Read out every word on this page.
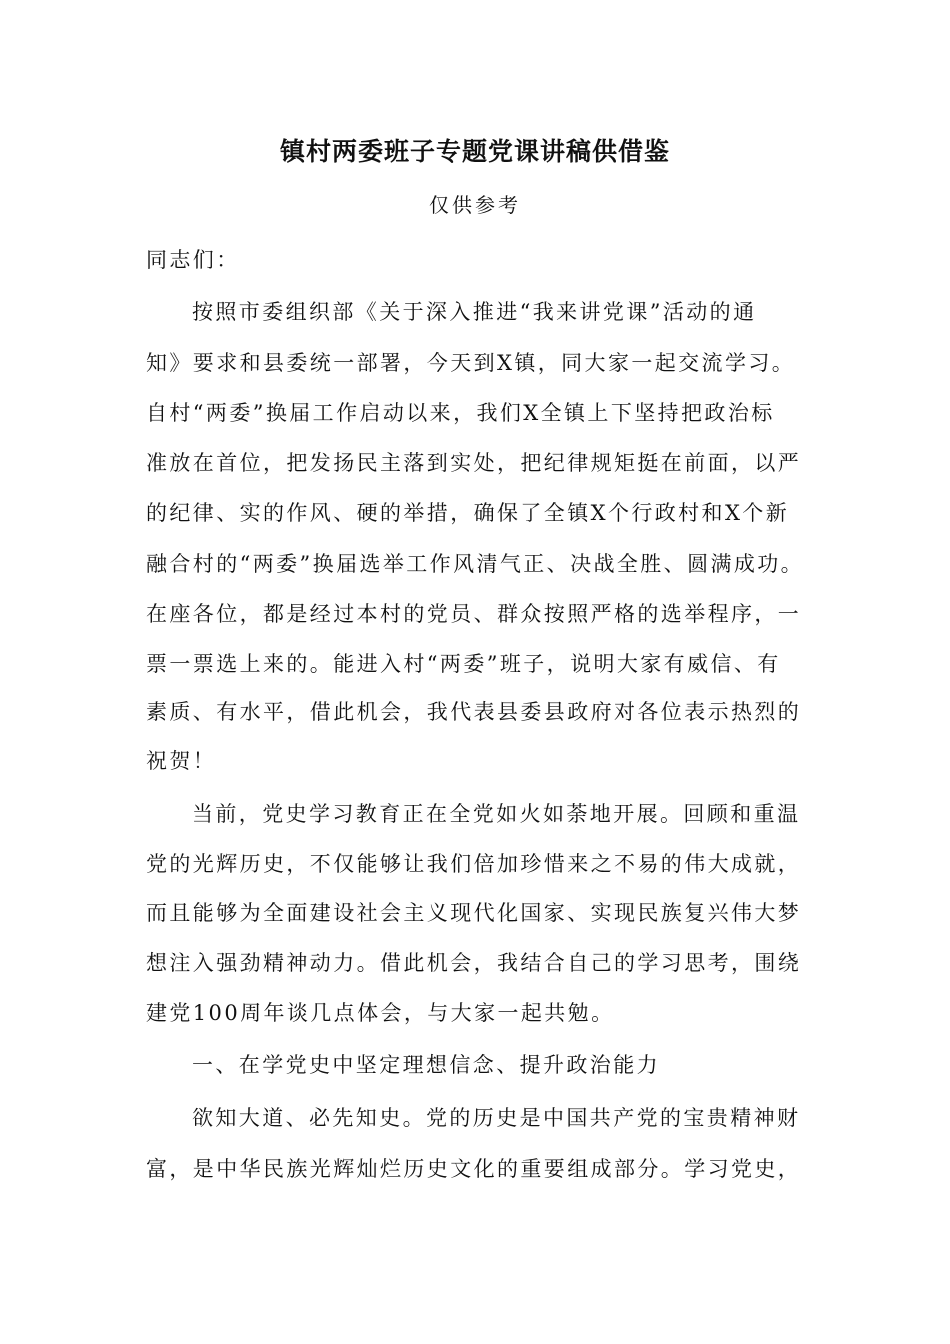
镇村两委班子专题党课讲稿供借鉴
仅供参考
同志们：
按照市委组织部《关于深入推进“我来讲党课”活动的通
知》要求和县委统一部署，今天到X镇，同大家一起交流学习。
自村“两委”换届工作启动以来，我们X全镇上下坚持把政治标
准放在首位，把发扬民主落到实处，把纪律规矩挺在前面，以严
的纪律、实的作风、硬的举措，确保了全镇X个行政村和X个新
融合村的“两委”换届选举工作风清气正、决战全胜、圆满成功。
在座各位，都是经过本村的党员、群众按照严格的选举程序，一
票一票选上来的。能进入村“两委”班子，说明大家有威信、有
素质、有水平，借此机会，我代表县委县政府对各位表示热烈的
祝贺！
当前，党史学习教育正在全党如火如荼地开展。回顾和重温
党的光辉历史，不仅能够让我们倍加珍惜来之不易的伟大成就，
而且能够为全面建设社会主义现代化国家、实现民族复兴伟大梦
想注入强劲精神动力。借此机会，我结合自己的学习思考，围绕
建党100周年谈几点体会，与大家一起共勉。
一、在学党史中坚定理想信念、提升政治能力
欲知大道、必先知史。党的历史是中国共产党的宝贵精神财
富，是中华民族光辉灿烂历史文化的重要组成部分。学习党史，
